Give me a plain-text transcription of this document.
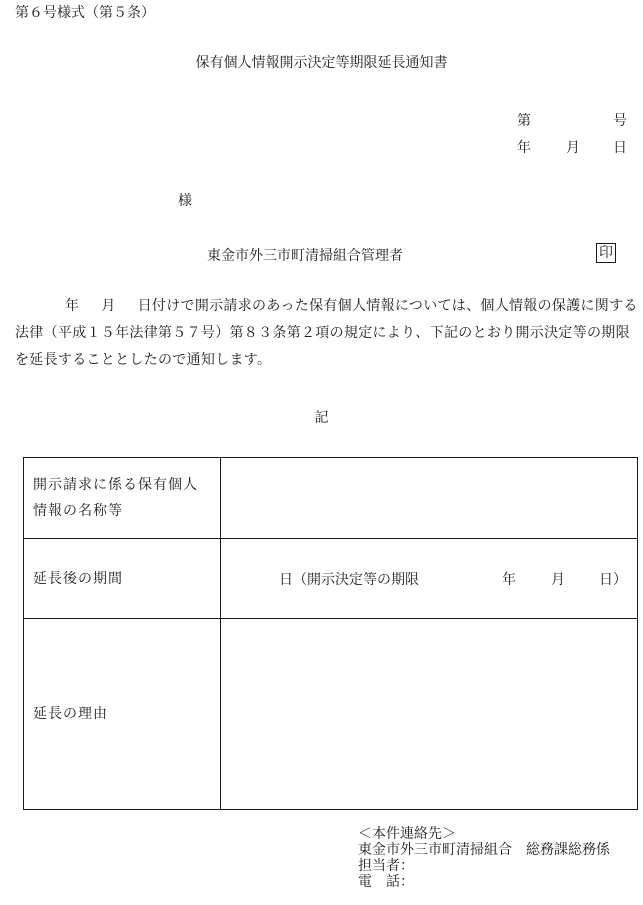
第６号様式（第５条）
保有個人情報開示決定等期限延長通知書
第	号
年	月 日
様
東金市外三市町清掃組合管理者	印
年 月 日付けで開示請求のあった保有個人情報については、個人情報の保護に関する法律（平成１５年法律第５７号）第８３条第２項の規定により、下記のとおり開示決定等の期限を延長することとしたので通知します。
記
開示請求に係る保有個人
情報の名称等	

延長後の期間	日（開示決定等の期限 年 月 日）

延長の理由	
＜本件連絡先＞
東金市外三市町清掃組合　総務課総務係
担当者：
電　話：
